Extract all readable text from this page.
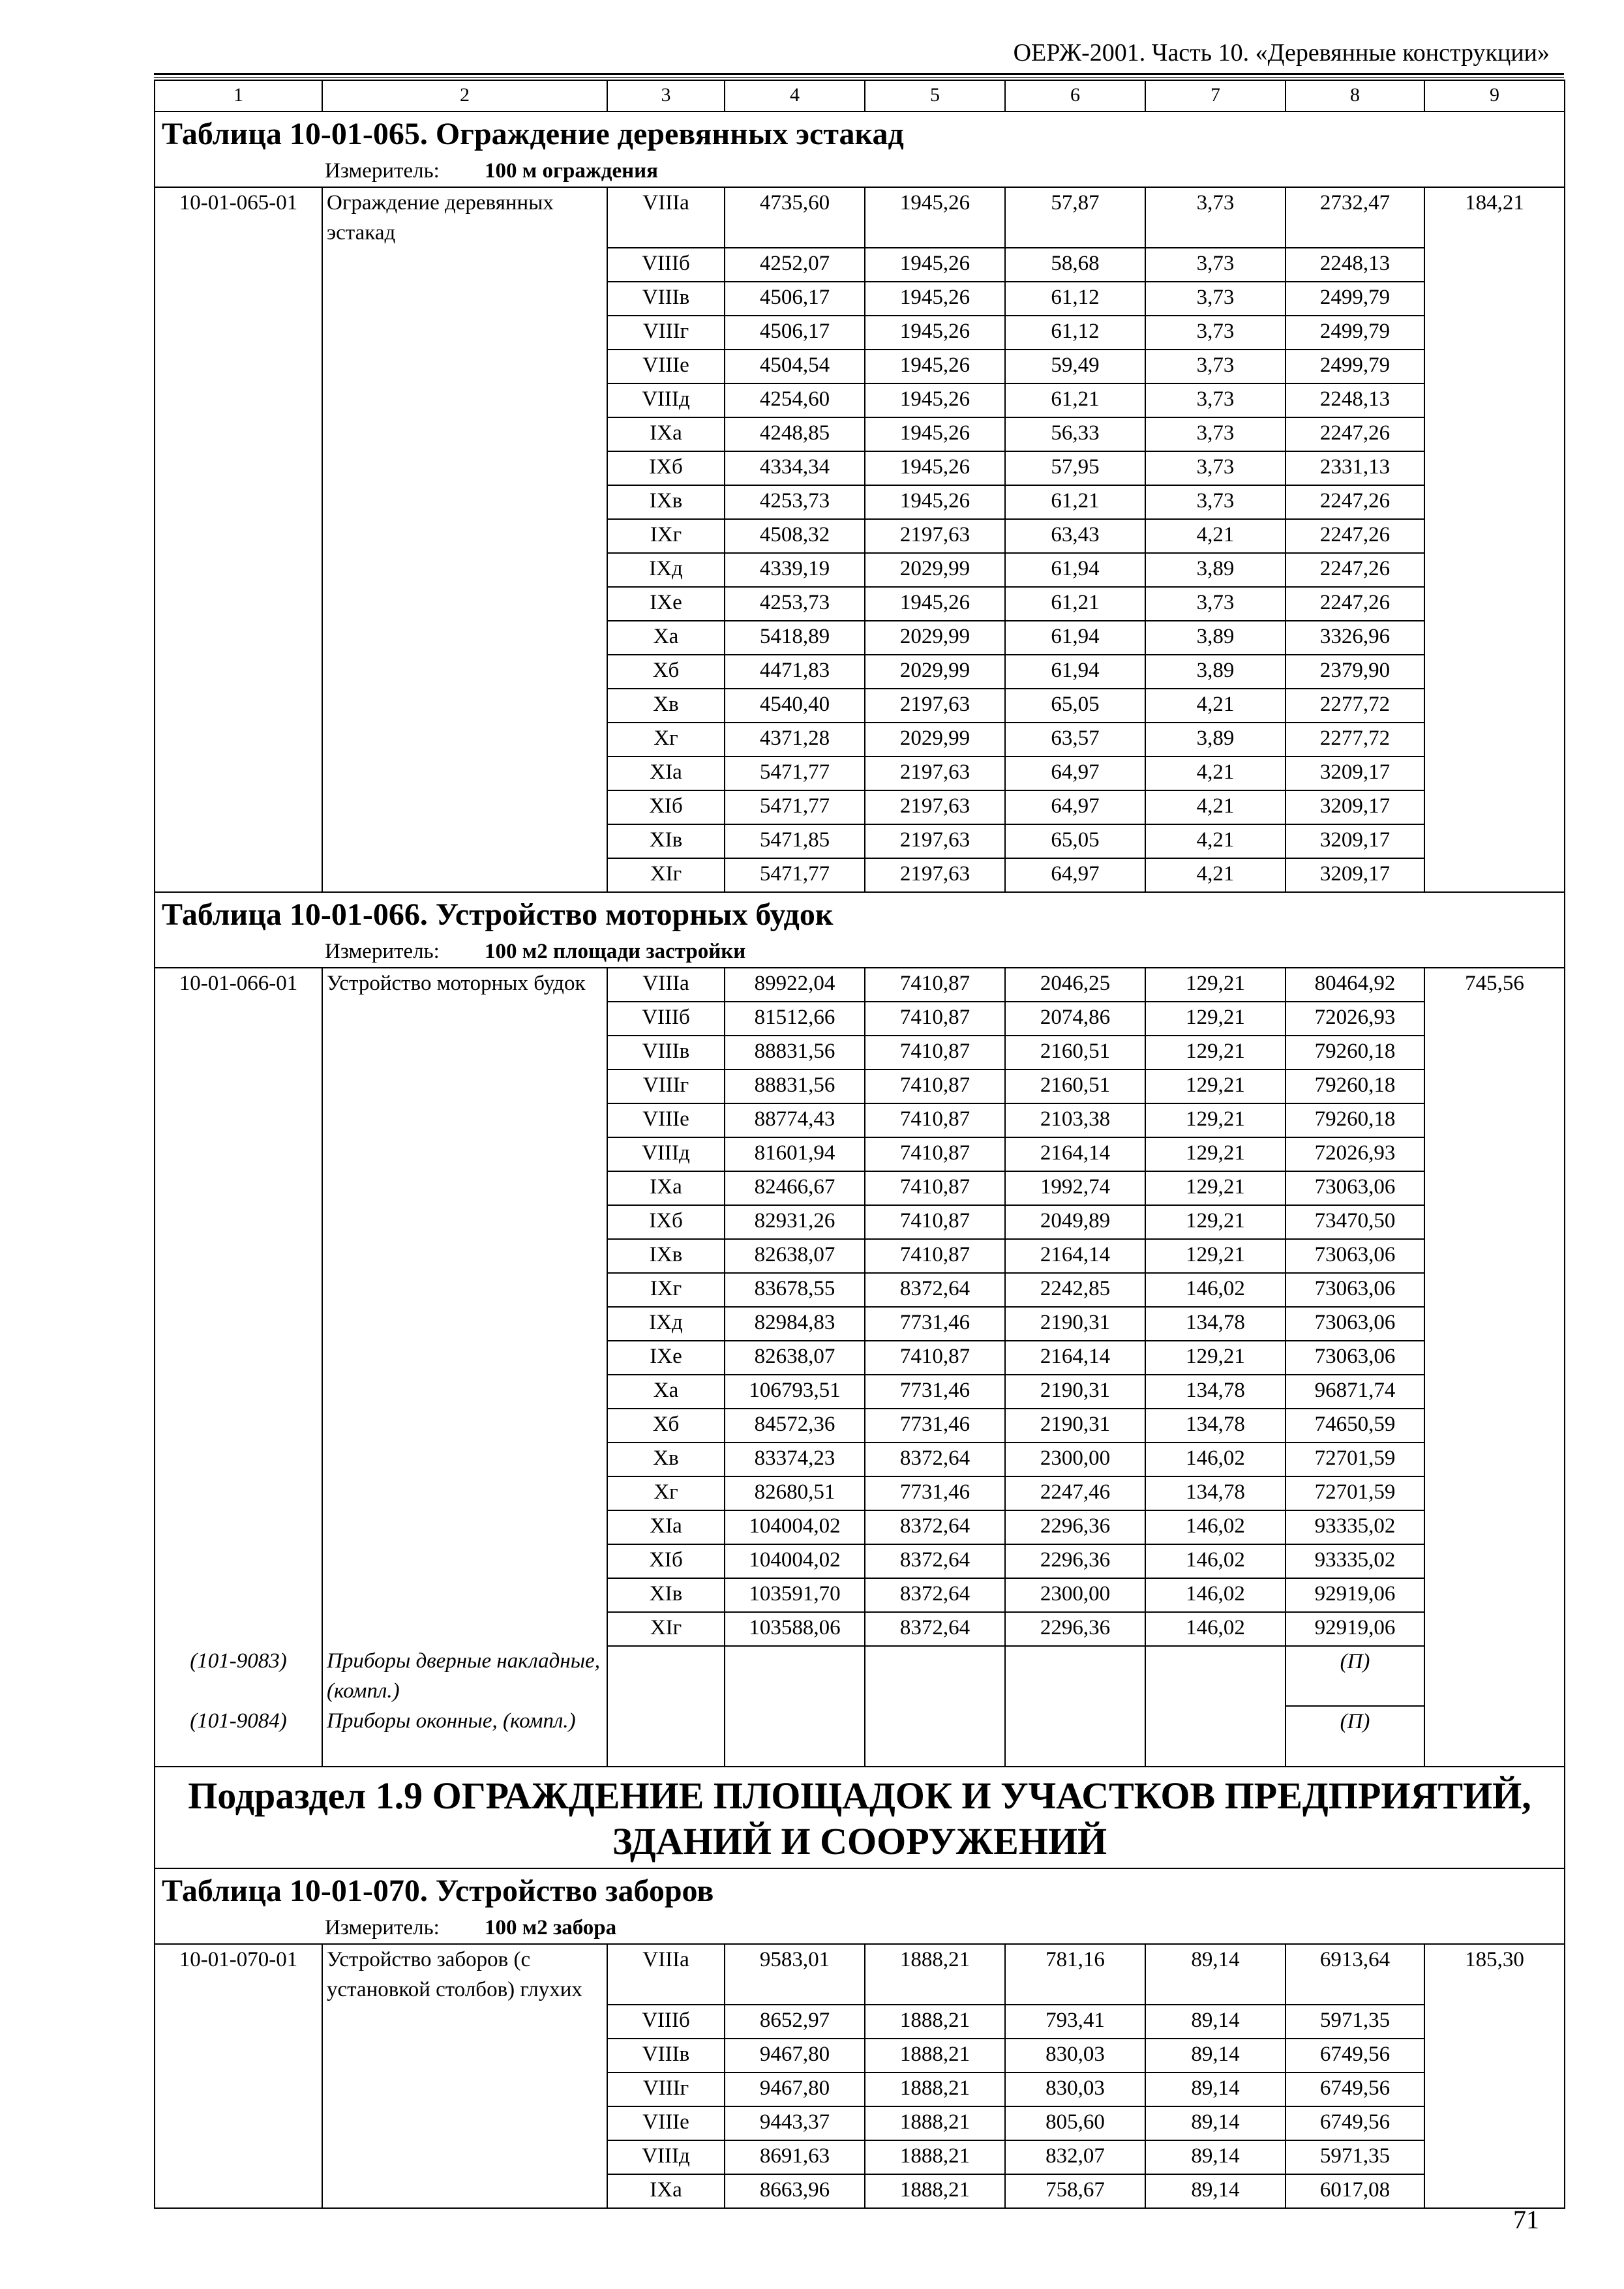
ОЕРЖ-2001. Часть 10. «Деревянные конструкции»
1	2	3	4	5	6	7	8	9
Таблица 10-01-065. Ограждение деревянных эстакад								
Измеритель: 100 м ограждения								
10-01-065-01	Ограждение деревянных эстакад	VIIIа	4735,60	1945,26	57,87	3,73	2732,47	184,21
		VIIIб	4252,07	1945,26	58,68	3,73	2248,13	
		VIIIв	4506,17	1945,26	61,12	3,73	2499,79	
		VIIIг	4506,17	1945,26	61,12	3,73	2499,79	
		VIIIе	4504,54	1945,26	59,49	3,73	2499,79	
		VIIIд	4254,60	1945,26	61,21	3,73	2248,13	
		IXа	4248,85	1945,26	56,33	3,73	2247,26	
		IXб	4334,34	1945,26	57,95	3,73	2331,13	
		IXв	4253,73	1945,26	61,21	3,73	2247,26	
		IXг	4508,32	2197,63	63,43	4,21	2247,26	
		IXд	4339,19	2029,99	61,94	3,89	2247,26	
		IXе	4253,73	1945,26	61,21	3,73	2247,26	
		Xа	5418,89	2029,99	61,94	3,89	3326,96	
		Xб	4471,83	2029,99	61,94	3,89	2379,90	
		Xв	4540,40	2197,63	65,05	4,21	2277,72	
		Xг	4371,28	2029,99	63,57	3,89	2277,72	
		XIа	5471,77	2197,63	64,97	4,21	3209,17	
		XIб	5471,77	2197,63	64,97	4,21	3209,17	
		XIв	5471,85	2197,63	65,05	4,21	3209,17	
		XIг	5471,77	2197,63	64,97	4,21	3209,17	
Таблица 10-01-066. Устройство моторных будок								
Измеритель: 100 м2 площади застройки								
10-01-066-01	Устройство моторных будок	VIIIа	89922,04	7410,87	2046,25	129,21	80464,92	745,56
		VIIIб	81512,66	7410,87	2074,86	129,21	72026,93	
		VIIIв	88831,56	7410,87	2160,51	129,21	79260,18	
		VIIIг	88831,56	7410,87	2160,51	129,21	79260,18	
		VIIIе	88774,43	7410,87	2103,38	129,21	79260,18	
		VIIIд	81601,94	7410,87	2164,14	129,21	72026,93	
		IXа	82466,67	7410,87	1992,74	129,21	73063,06	
		IXб	82931,26	7410,87	2049,89	129,21	73470,50	
		IXв	82638,07	7410,87	2164,14	129,21	73063,06	
		IXг	83678,55	8372,64	2242,85	146,02	73063,06	
		IXд	82984,83	7731,46	2190,31	134,78	73063,06	
		IXе	82638,07	7410,87	2164,14	129,21	73063,06	
		Xа	106793,51	7731,46	2190,31	134,78	96871,74	
		Xб	84572,36	7731,46	2190,31	134,78	74650,59	
		Xв	83374,23	8372,64	2300,00	146,02	72701,59	
		Xг	82680,51	7731,46	2247,46	134,78	72701,59	
		XIа	104004,02	8372,64	2296,36	146,02	93335,02	
		XIб	104004,02	8372,64	2296,36	146,02	93335,02	
		XIв	103591,70	8372,64	2300,00	146,02	92919,06	
		XIг	103588,06	8372,64	2296,36	146,02	92919,06	
(101-9083)	Приборы дверные накладные, (компл.)						(П)	
(101-9084)	Приборы оконные, (компл.)						(П)	

Подраздел 1.9 ОГРАЖДЕНИЕ ПЛОЩАДОК И УЧАСТКОВ ПРЕДПРИЯТИЙ,
ЗДАНИЙ И СООРУЖЕНИЙ								

Таблица 10-01-070. Устройство заборов								
Измеритель: 100 м2 забора								
10-01-070-01	Устройство заборов (с установкой столбов) глухих	VIIIа	9583,01	1888,21	781,16	89,14	6913,64	185,30
		VIIIб	8652,97	1888,21	793,41	89,14	5971,35	
		VIIIв	9467,80	1888,21	830,03	89,14	6749,56	
		VIIIг	9467,80	1888,21	830,03	89,14	6749,56	
		VIIIе	9443,37	1888,21	805,60	89,14	6749,56	
		VIIIд	8691,63	1888,21	832,07	89,14	5971,35	
		IXа	8663,96	1888,21	758,67	89,14	6017,08	
71
